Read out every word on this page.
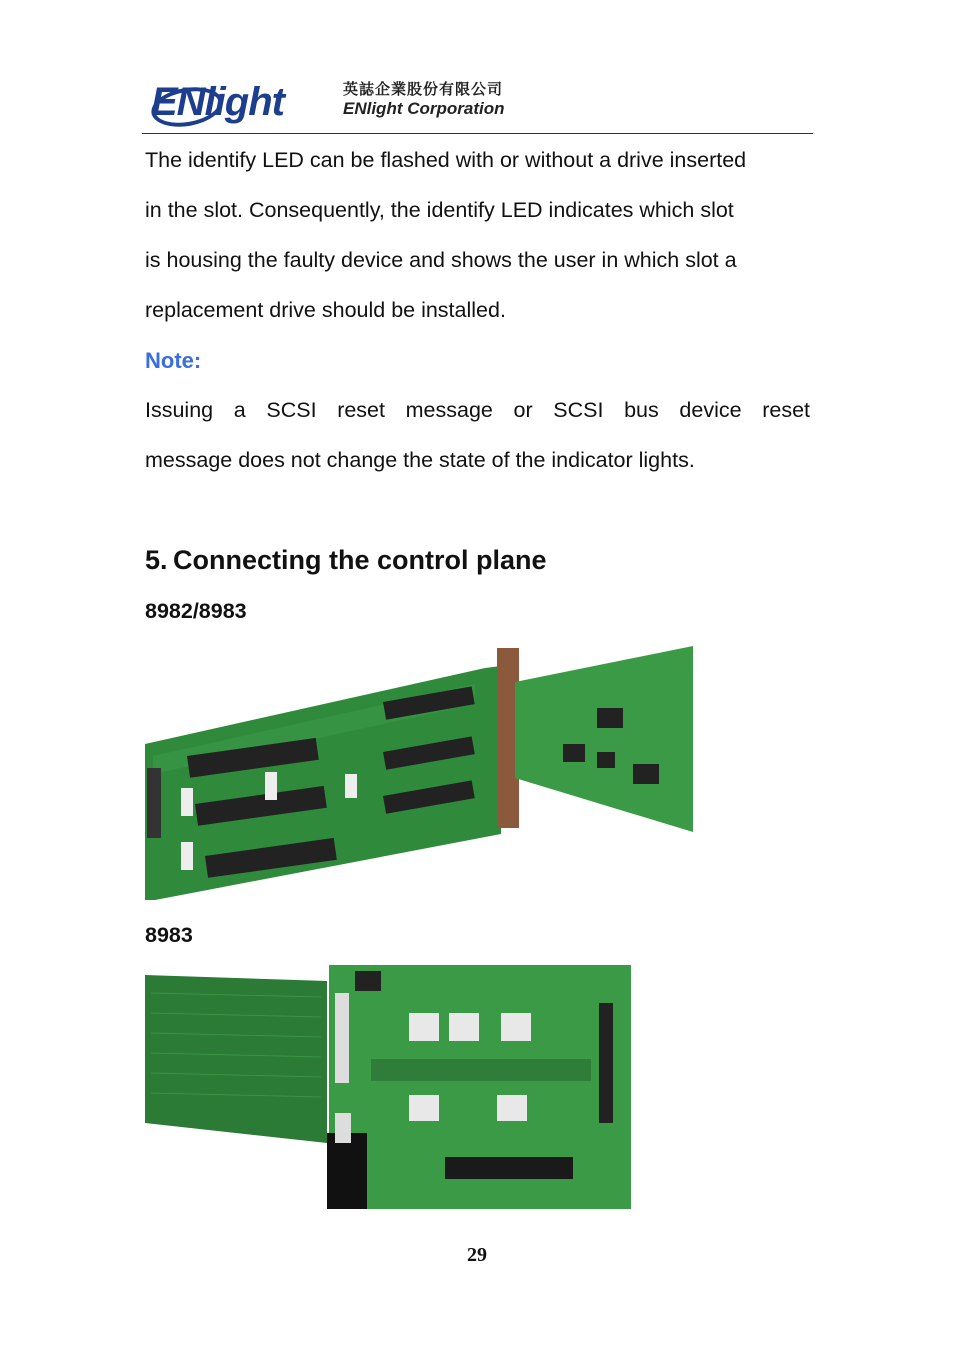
ENlight	英誌企業股份有限公司
ENlight Corporation

The identify LED can be flashed with or without a drive inserted
in the slot. Consequently, the identify LED indicates which slot
is housing the faulty device and shows the user in which slot a
replacement drive should be installed.

Note:

Issuing a SCSI reset message or SCSI bus device reset
message does not change the state of the indicator lights.

5. Connecting the control plane
8982/8983
8983
29
